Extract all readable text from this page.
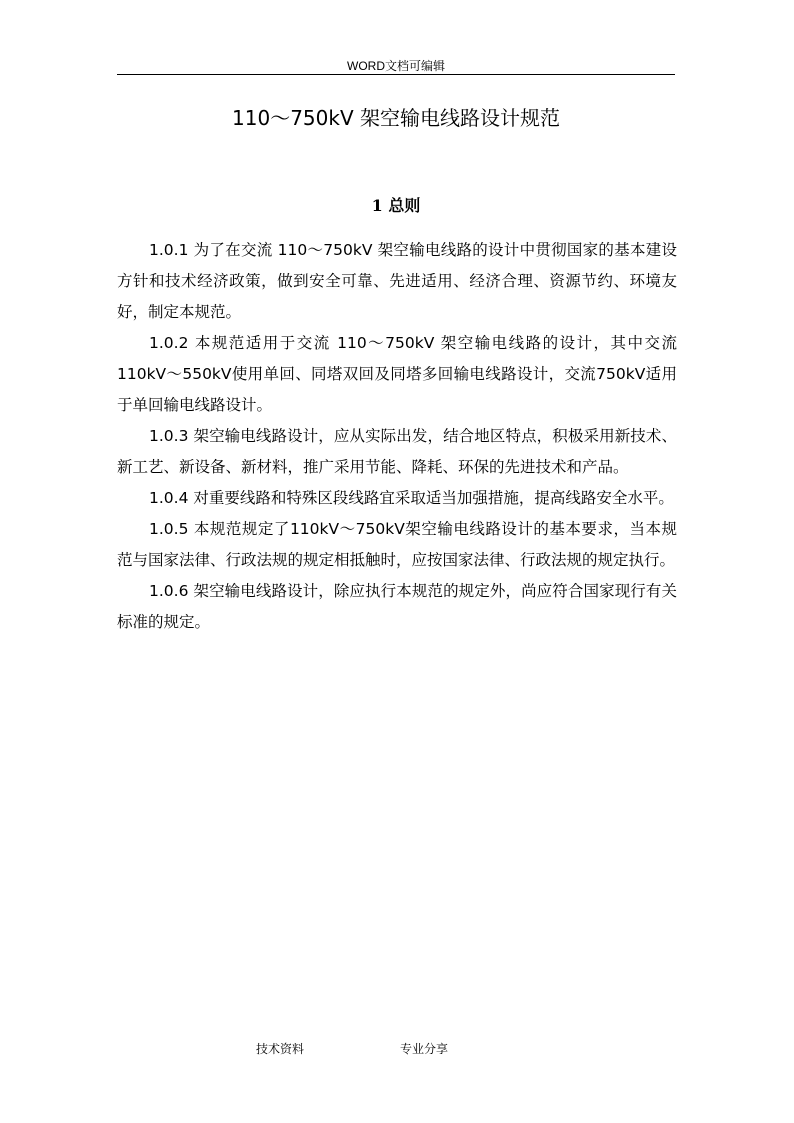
WORD文档可编辑
110～750kV 架空输电线路设计规范
1 总则

1.0.1 为了在交流 110～750kV 架空输电线路的设计中贯彻国家的基本建设方针和技术经济政策，做到安全可靠、先进适用、经济合理、资源节约、环境友好，制定本规范。

1.0.2 本规范适用于交流 110～750kV 架空输电线路的设计，其中交流110kV～550kV使用单回、同塔双回及同塔多回输电线路设计，交流750kV适用于单回输电线路设计。

1.0.3 架空输电线路设计，应从实际出发，结合地区特点，积极采用新技术、新工艺、新设备、新材料，推广采用节能、降耗、环保的先进技术和产品。

1.0.4 对重要线路和特殊区段线路宜采取适当加强措施，提高线路安全水平。

1.0.5 本规范规定了110kV～750kV架空输电线路设计的基本要求，当本规范与国家法律、行政法规的规定相抵触时，应按国家法律、行政法规的规定执行。

1.0.6 架空输电线路设计，除应执行本规范的规定外，尚应符合国家现行有关标准的规定。

技术资料	专业分享
